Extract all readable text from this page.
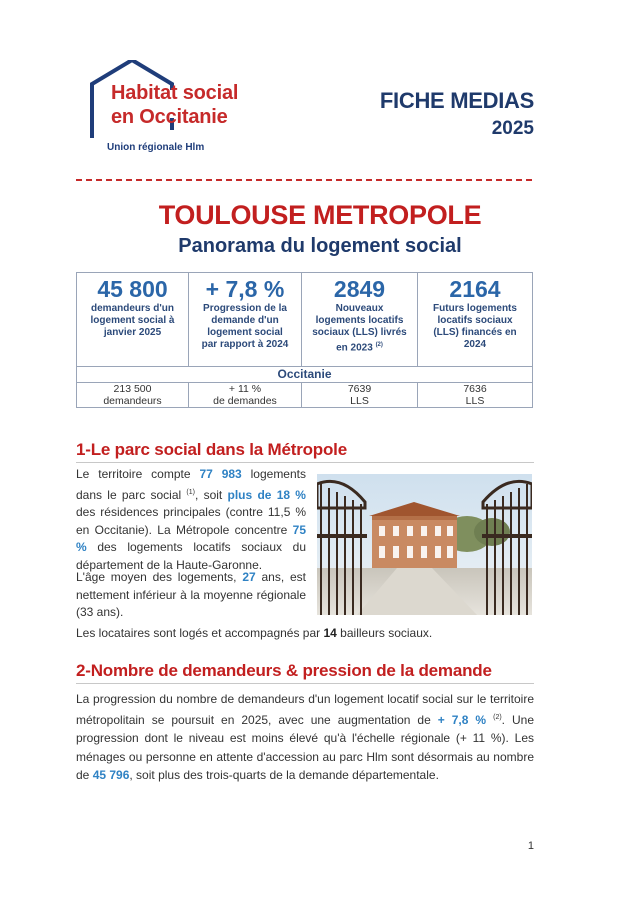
Habitat social
en Occitanie
Union régionale Hlm
FICHE MEDIAS
2025
TOULOUSE METROPOLE
Panorama du logement social
45 800
demandeurs d'un logement social à janvier 2025
+ 7,8 %
Progression de la demande d'un logement social par rapport à 2024
2849
Nouveaux logements locatifs sociaux (LLS) livrés en 2023 $^{(2)}$
2164
Futurs logements locatifs sociaux (LLS) financés en 2024
Occitanie
213 500
demandeurs
+ 11 %
de demandes
7639
LLS
7636
LLS
1-Le parc social dans la Métropole
Le territoire compte 77 983 logements dans le parc social $^{(1)}$, soit plus de 18 % des résidences principales (contre 11,5 % en Occitanie). La Métropole concentre 75 % des logements locatifs sociaux du département de la Haute-Garonne.
L'âge moyen des logements, 27 ans, est nettement inférieur à la moyenne régionale (33 ans).
Les locataires sont logés et accompagnés par 14 bailleurs sociaux.
2-Nombre de demandeurs & pression de la demande
La progression du nombre de demandeurs d'un logement locatif social sur le territoire métropolitain se poursuit en 2025, avec une augmentation de + 7,8 % $^{(2)}$. Une progression dont le niveau est moins élevé qu'à l'échelle régionale (+ 11 %). Les ménages ou personne en attente d'accession au parc Hlm sont désormais au nombre de 45 796, soit plus des trois-quarts de la demande départementale.
1
